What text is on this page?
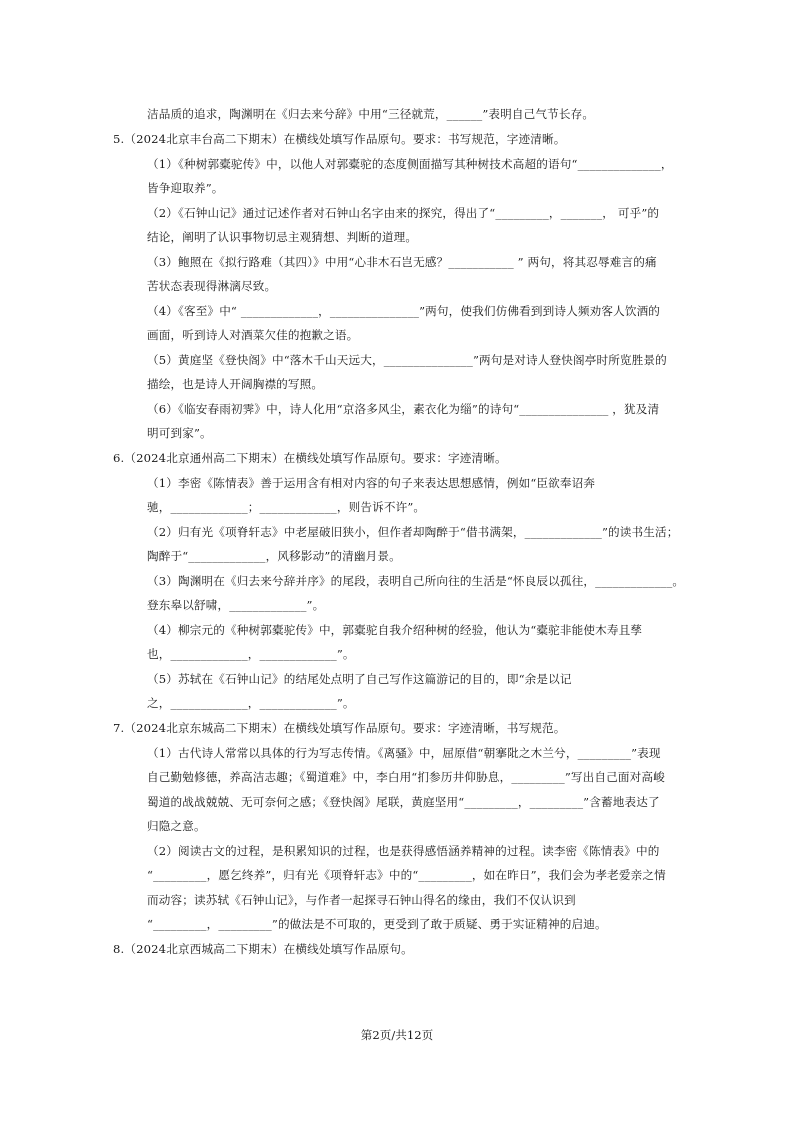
洁品质的追求，陶渊明在《归去来兮辞》中用“三径就荒，______”表明自己气节长存。
5.（2024北京丰台高二下期末）在横线处填写作品原句。要求：书写规范，字迹清晰。
（1）《种树郭橐驼传》中，以他人对郭橐驼的态度侧面描写其种树技术高超的语句“______________，
皆争迎取养”。
（2）《石钟山记》通过记述作者对石钟山名字由来的探究，得出了“_________，_______， 可乎”的
结论，阐明了认识事物切忌主观猜想、判断的道理。
（3）鲍照在《拟行路难（其四）》中用“心非木石岂无感？___________ ” 两句，将其忍辱难言的痛
苦状态表现得淋漓尽致。
（4）《客至》中“ _____________，_______________”两句，使我们仿佛看到到诗人频劝客人饮酒的
画面，听到诗人对酒菜欠佳的抱歉之语。
（5）黄庭坚《登快阁》中“落木千山天远大，_______________”两句是对诗人登快阁亭时所览胜景的
描绘，也是诗人开阔胸襟的写照。
（6）《临安春雨初霁》中，诗人化用“京洛多风尘，素衣化为缁”的诗句“_______________ ，犹及清
明可到家”。
6.（2024北京通州高二下期末）在横线处填写作品原句。要求：字迹清晰。
（1）李密《陈情表》善于运用含有相对内容的句子来表达思想感情，例如“臣欲奉诏奔
驰，_____________；_____________，则告诉不许”。
（2）归有光《项脊轩志》中老屋破旧狭小，但作者却陶醉于“借书满架，_____________”的读书生活；
陶醉于“_____________，风移影动”的清幽月景。
（3）陶渊明在《归去来兮辞并序》的尾段，表明自己所向往的生活是“怀良辰以孤往，_____________。
登东皋以舒啸，_____________”。
（4）柳宗元的《种树郭橐驼传》中，郭橐驼自我介绍种树的经验，他认为“橐驼非能使木寿且孳
也，_____________，_____________”。
（5）苏轼在《石钟山记》的结尾处点明了自己写作这篇游记的目的，即“余是以记
之，_____________，_____________”。
7.（2024北京东城高二下期末）在横线处填写作品原句。要求：字迹清晰，书写规范。
（1）古代诗人常常以具体的行为写志传情。《离骚》中，屈原借“朝搴阰之木兰兮，_________”表现
自己勤勉修德，养高洁志趣；《蜀道难》中，李白用“扪参历井仰胁息，_________”写出自己面对高峻
蜀道的战战兢兢、无可奈何之感；《登快阁》尾联，黄庭坚用“_________，_________”含蓄地表达了
归隐之意。
（2）阅读古文的过程，是积累知识的过程，也是获得感悟涵养精神的过程。读李密《陈情表》中的
“_________，愿乞终养”，归有光《项脊轩志》中的“_________，如在昨日”，我们会为孝老爱亲之情
而动容；读苏轼《石钟山记》，与作者一起探寻石钟山得名的缘由，我们不仅认识到
“_________，_________”的做法是不可取的，更受到了敢于质疑、勇于实证精神的启迪。
8.（2024北京西城高二下期末）在横线处填写作品原句。
第2页/共12页
